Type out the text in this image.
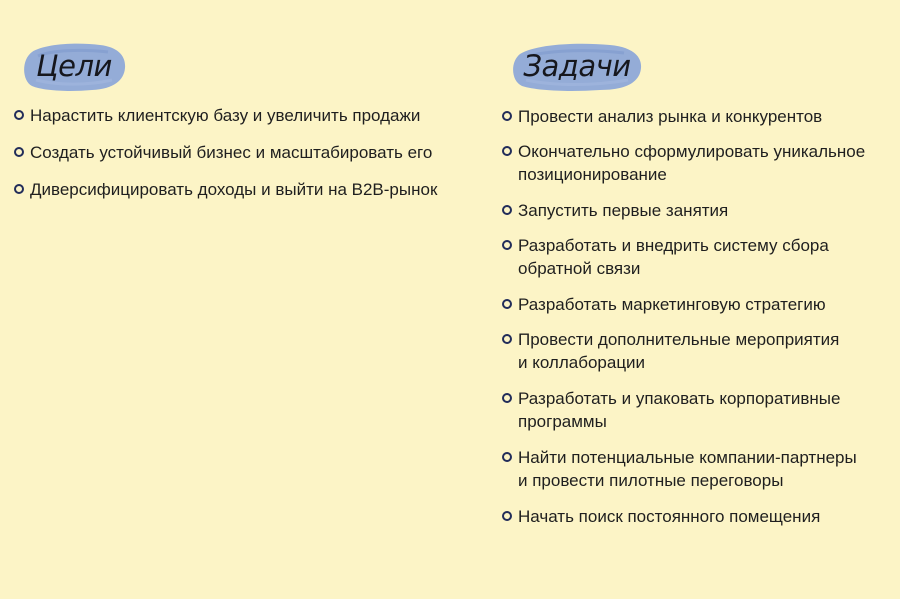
Цели
Нарастить клиентскую базу и увеличить продажи
Создать устойчивый бизнес и масштабировать его
Диверсифицировать доходы и выйти на B2B-рынок
Задачи
Провести анализ рынка и конкурентов
Окончательно сформулировать уникальное
позиционирование
Запустить первые занятия
Разработать и внедрить систему сбора
обратной связи
Разработать маркетинговую стратегию
Провести дополнительные мероприятия
и коллаборации
Разработать и упаковать корпоративные
программы
Найти потенциальные компании-партнеры
и провести пилотные переговоры
Начать поиск постоянного помещения
